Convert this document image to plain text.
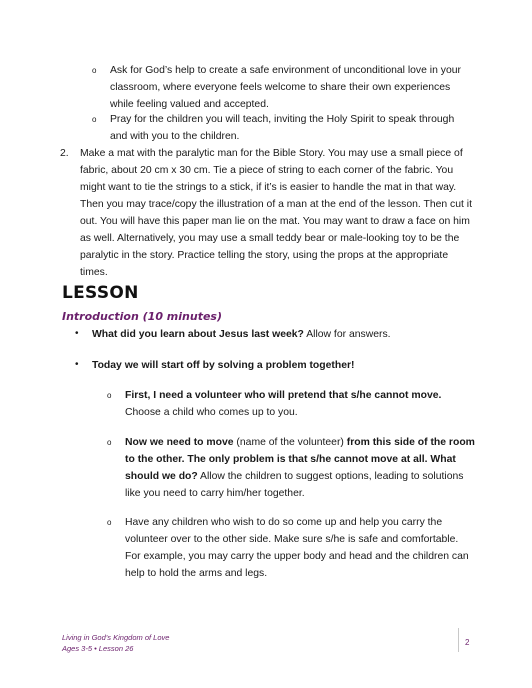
o Ask for God’s help to create a safe environment of unconditional love in your classroom, where everyone feels welcome to share their own experiences while feeling valued and accepted.
o Pray for the children you will teach, inviting the Holy Spirit to speak through and with you to the children.
2. Make a mat with the paralytic man for the Bible Story. You may use a small piece of fabric, about 20 cm x 30 cm. Tie a piece of string to each corner of the fabric. You might want to tie the strings to a stick, if it’s is easier to handle the mat in that way. Then you may trace/copy the illustration of a man at the end of the lesson. Then cut it out. You will have this paper man lie on the mat. You may want to draw a face on him as well. Alternatively, you may use a small teddy bear or male-looking toy to be the paralytic in the story. Practice telling the story, using the props at the appropriate times.
LESSON
Introduction (10 minutes)
• What did you learn about Jesus last week? Allow for answers.
• Today we will start off by solving a problem together!
o First, I need a volunteer who will pretend that s/he cannot move. Choose a child who comes up to you.
o Now we need to move (name of the volunteer) from this side of the room to the other. The only problem is that s/he cannot move at all. What should we do? Allow the children to suggest options, leading to solutions like you need to carry him/her together.
o Have any children who wish to do so come up and help you carry the volunteer over to the other side. Make sure s/he is safe and comfortable. For example, you may carry the upper body and head and the children can help to hold the arms and legs.
Living in God’s Kingdom of Love
Ages 3-5 • Lesson 26
2
